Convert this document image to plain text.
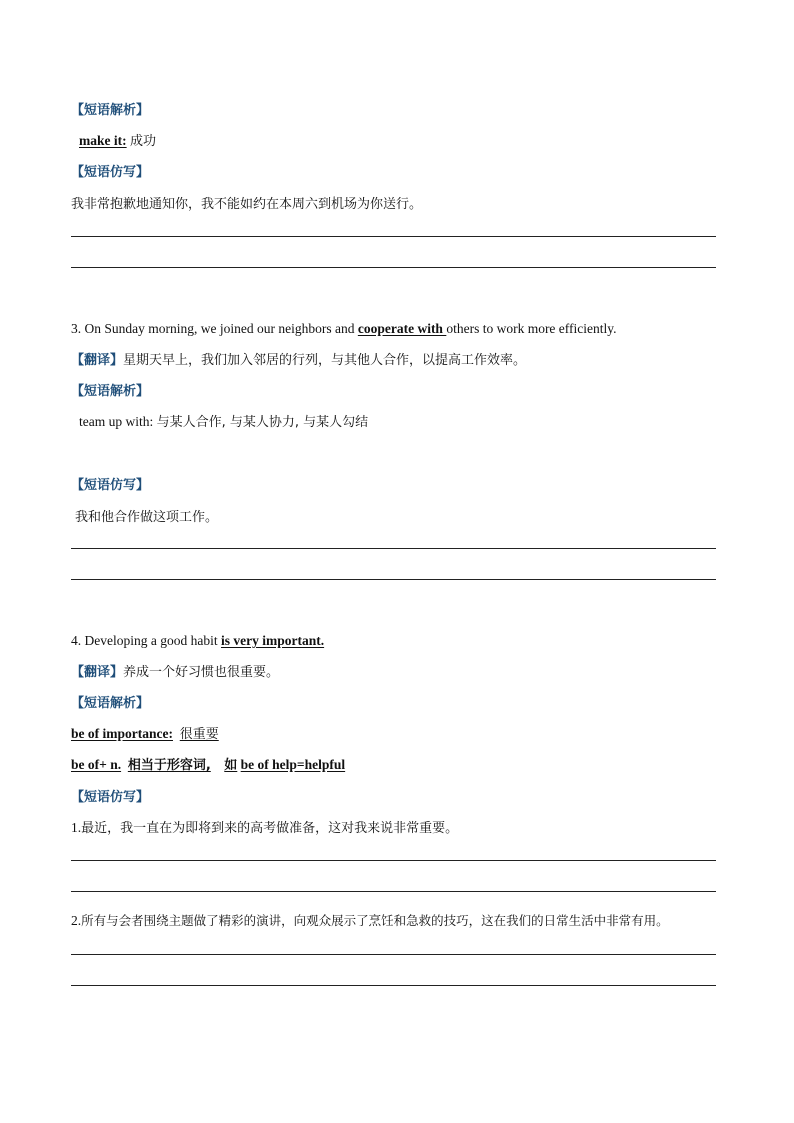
【短语解析】
make it: 成功
【短语仿写】
我非常抱歉地通知你，我不能如约在本周六到机场为你送行。
3. On Sunday morning, we joined our neighbors and cooperate with others to work more efficiently.
【翻译】星期天早上，我们加入邻居的行列，与其他人合作，以提高工作效率。
【短语解析】
team up with: 与某人合作, 与某人协力, 与某人勾结
【短语仿写】
我和他合作做这项工作。
4. Developing a good habit is very important.
【翻译】养成一个好习惯也很重要。
【短语解析】
be of importance: 很重要
be of+ n. 相当于形容词, 如 be of help=helpful
【短语仿写】
1.最近，我一直在为即将到来的高考做准备，这对我来说非常重要。
2.所有与会者围绕主题做了精彩的演讲，向观众展示了烹饪和急救的技巧，这在我们的日常生活中非常有用。
